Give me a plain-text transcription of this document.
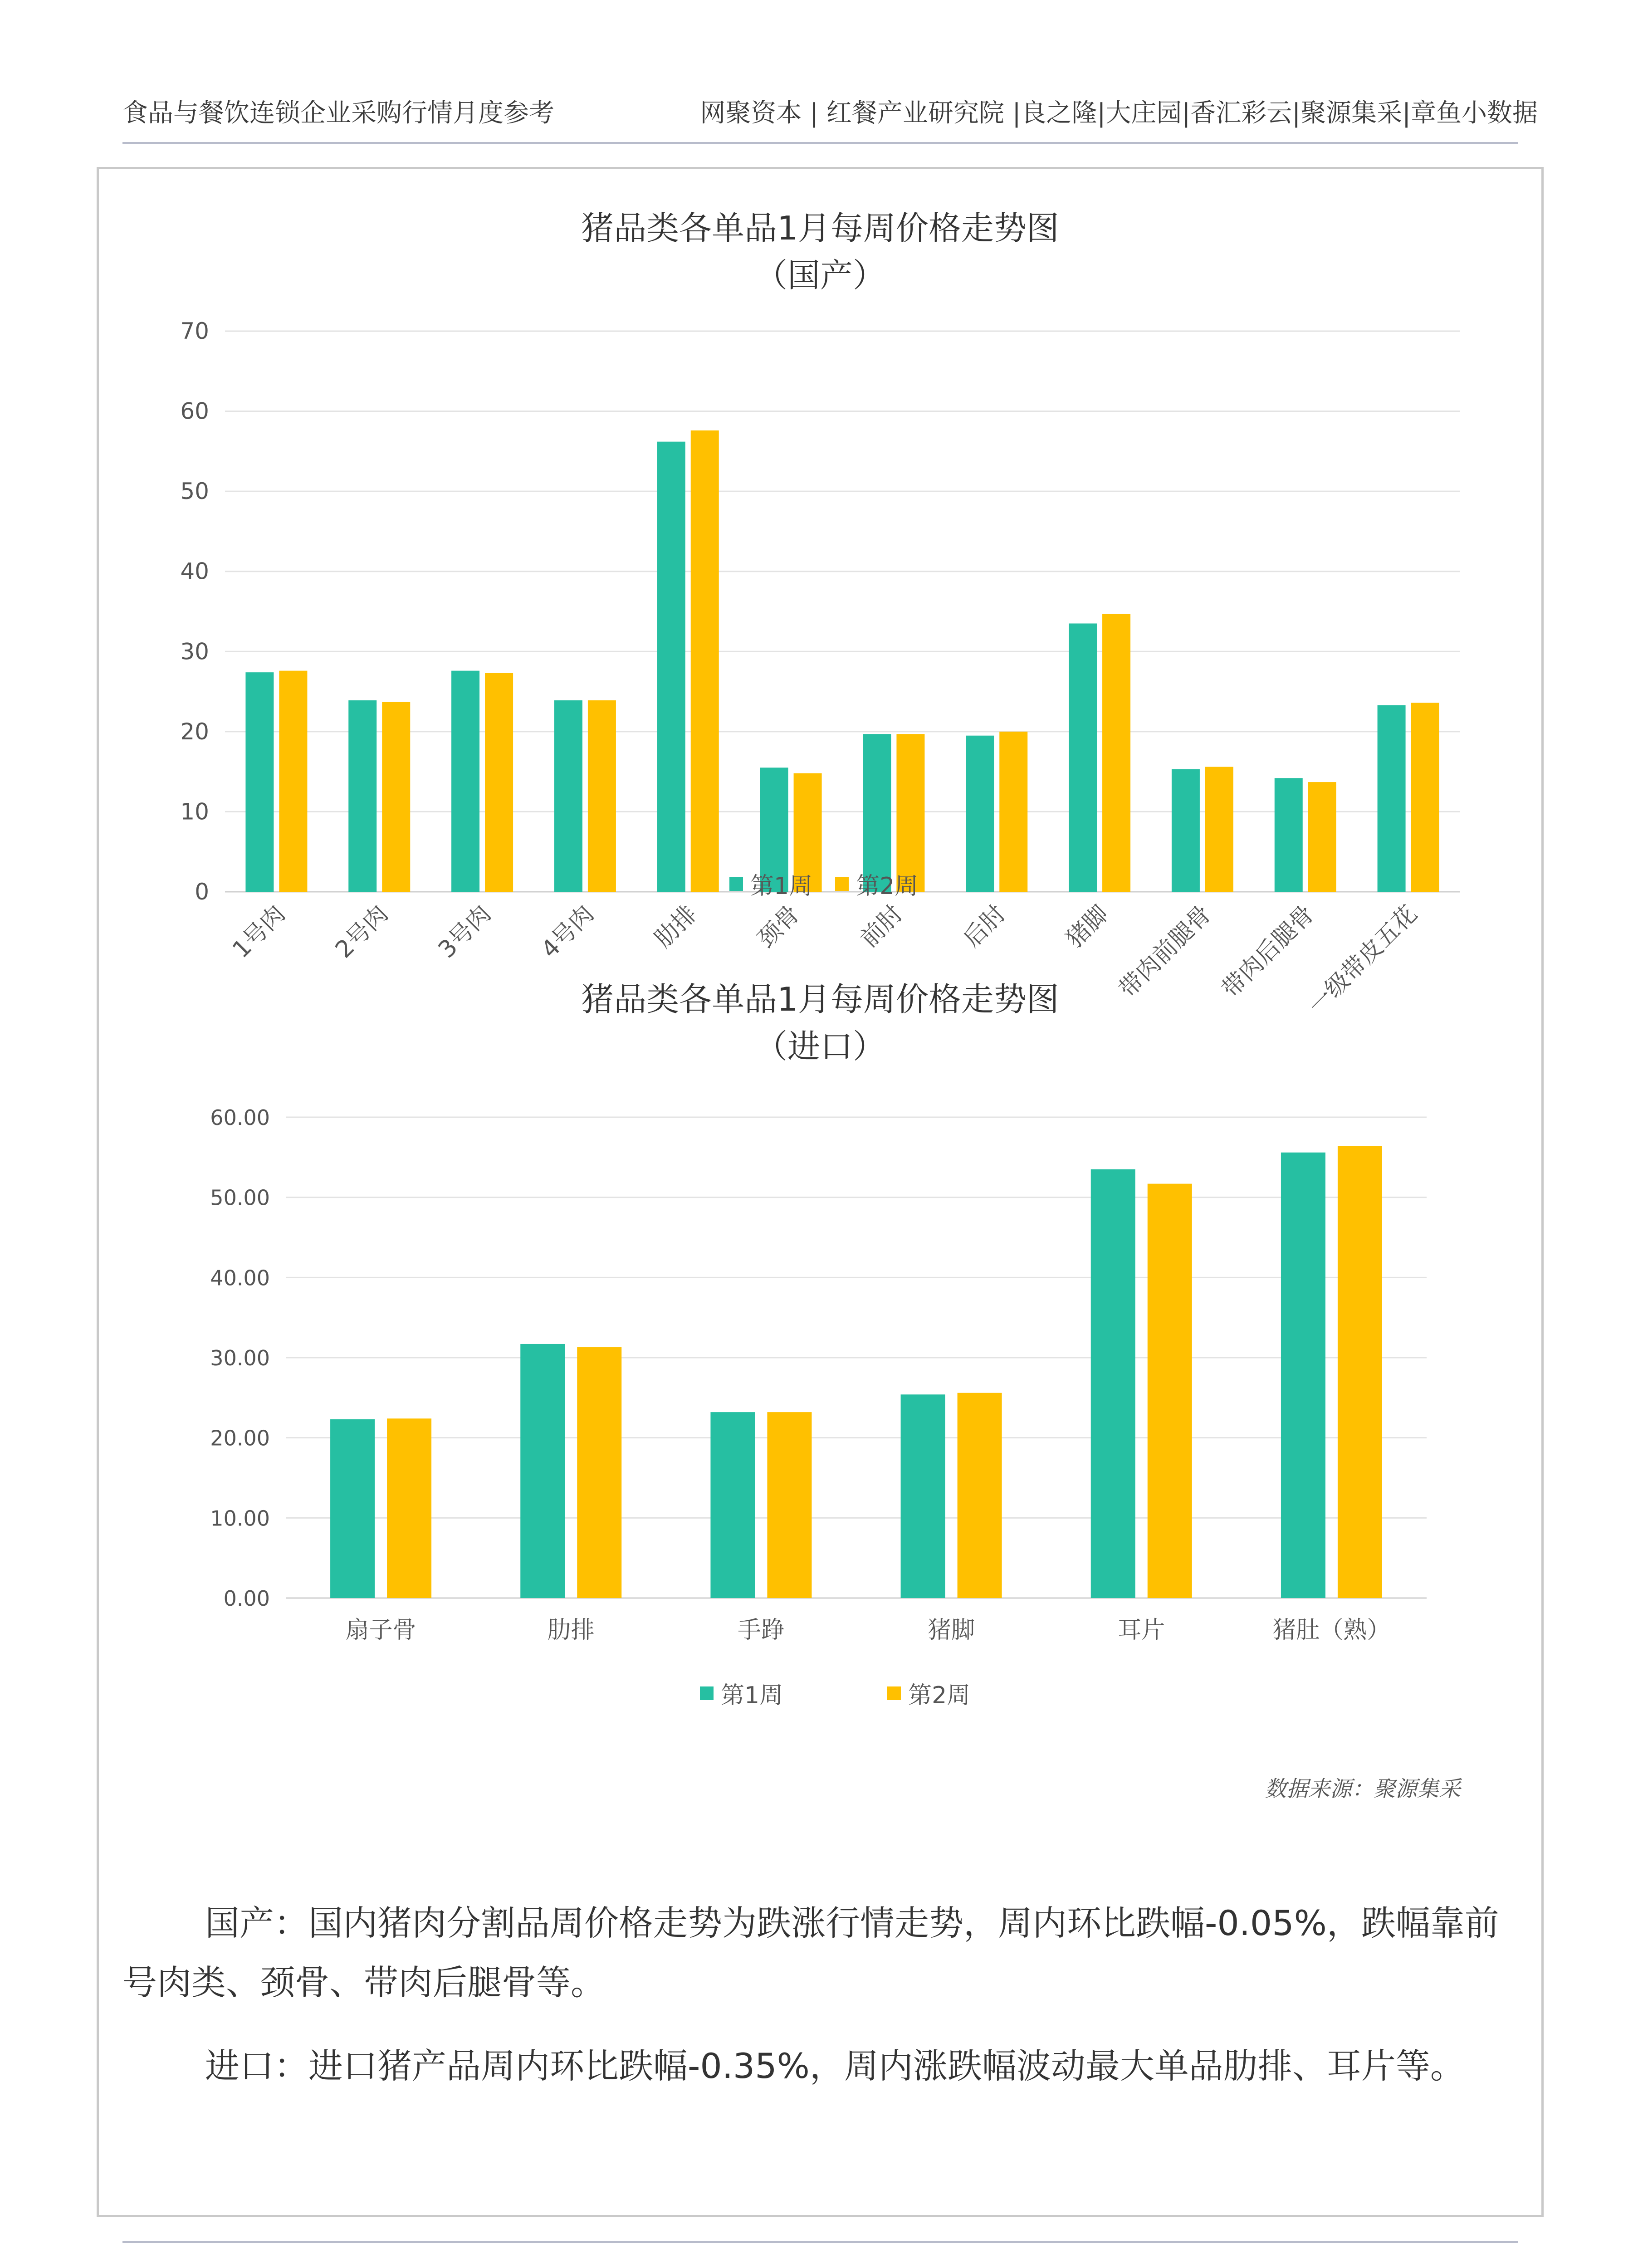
食品与餐饮连锁企业采购行情月度参考	网聚资本 | 红餐产业研究院 |良之隆|大庄园|香汇彩云|聚源集采|章鱼小数据
猪品类各单品1月每周价格走势图
（国产）
0
10
20
30
40
50
60
70
1号肉 2号肉 3号肉 4号肉 肋排 颈骨 前肘 后肘 猪脚 带肉前腿骨 带肉后腿骨
一级带皮五花
第1周 第2周
猪品类各单品1月每周价格走势图
（进口）
0.00
10.00
20.00
30.00
40.00
50.00
60.00
扇子骨	肋排	手踭	猪脚	耳片	猪肚（熟）
第1周	第2周
数据来源：聚源集采
国产：国内猪肉分割品周价格走势为跌涨行情走势，周内环比跌幅-0.05%，跌幅靠前号肉类、颈骨、带肉后腿骨等。
进口：进口猪产品周内环比跌幅-0.35%，周内涨跌幅波动最大单品肋排、耳片等。
